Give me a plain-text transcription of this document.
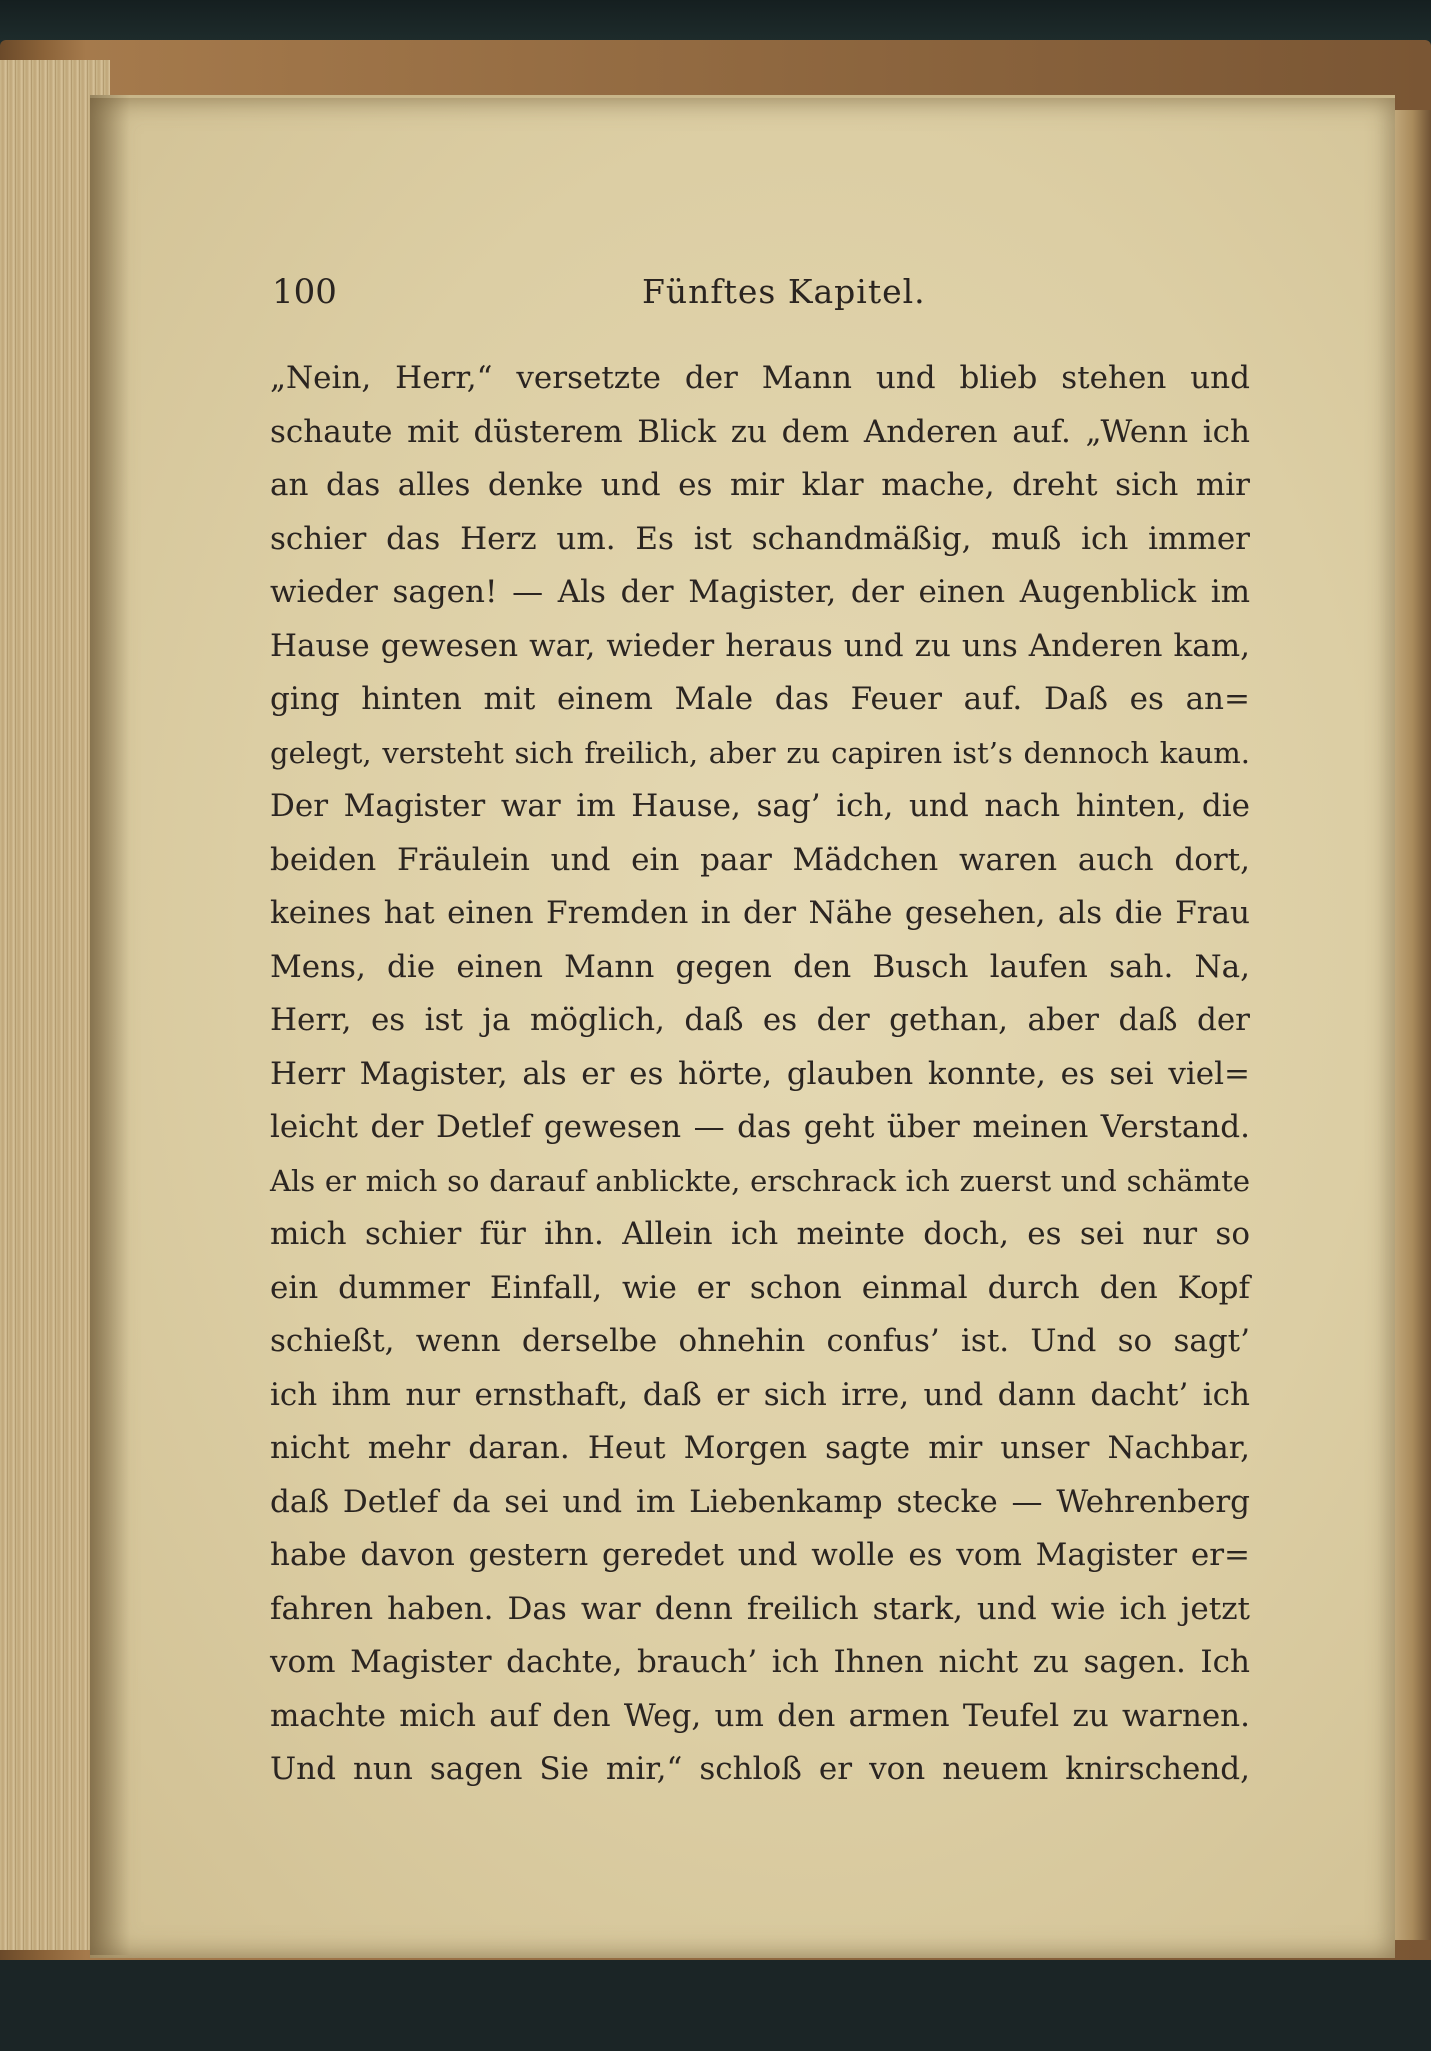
100	Fünftes Kapitel.
„Nein, Herr,“ versetzte der Mann und blieb stehen und
schaute mit düsterem Blick zu dem Anderen auf. „Wenn ich
an das alles denke und es mir klar mache, dreht sich mir
schier das Herz um. Es ist schandmäßig, muß ich immer
wieder sagen! — Als der Magister, der einen Augenblick im
Hause gewesen war, wieder heraus und zu uns Anderen kam,
ging hinten mit einem Male das Feuer auf. Daß es an=
gelegt, versteht sich freilich, aber zu capiren ist’s dennoch kaum.
Der Magister war im Hause, sag’ ich, und nach hinten, die
beiden Fräulein und ein paar Mädchen waren auch dort,
keines hat einen Fremden in der Nähe gesehen, als die Frau
Mens, die einen Mann gegen den Busch laufen sah. Na,
Herr, es ist ja möglich, daß es der gethan, aber daß der
Herr Magister, als er es hörte, glauben konnte, es sei viel=
leicht der Detlef gewesen — das geht über meinen Verstand.
Als er mich so darauf anblickte, erschrack ich zuerst und schämte
mich schier für ihn. Allein ich meinte doch, es sei nur so
ein dummer Einfall, wie er schon einmal durch den Kopf
schießt, wenn derselbe ohnehin confus’ ist. Und so sagt’
ich ihm nur ernsthaft, daß er sich irre, und dann dacht’ ich
nicht mehr daran. Heut Morgen sagte mir unser Nachbar,
daß Detlef da sei und im Liebenkamp stecke — Wehrenberg
habe davon gestern geredet und wolle es vom Magister er=
fahren haben. Das war denn freilich stark, und wie ich jetzt
vom Magister dachte, brauch’ ich Ihnen nicht zu sagen. Ich
machte mich auf den Weg, um den armen Teufel zu warnen.
Und nun sagen Sie mir,“ schloß er von neuem knirschend,
